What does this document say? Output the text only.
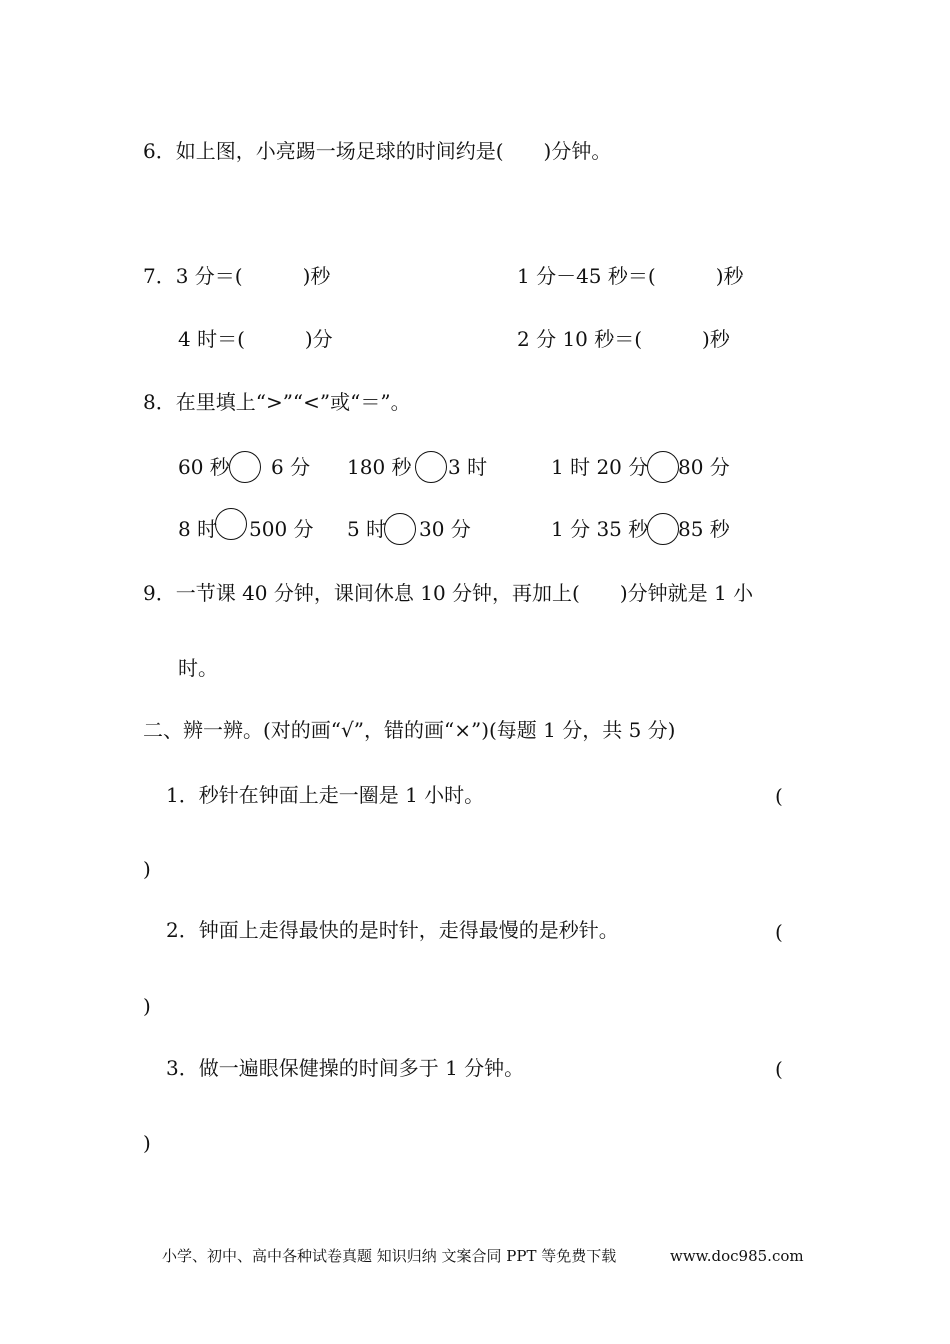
6．如上图，小亮踢一场足球的时间约是(　　)分钟。
7．3 分＝(　　　)秒	1 分－45 秒＝(　　　)秒
4 时＝(　　　)分	2 分 10 秒＝(　　　)秒
8．在里填上“>”“<”或“＝”。
60 秒 6 分 180 秒 3 时	1 时 20 分 80 分
8 时 500 分 5 时 30 分	1 分 35 秒 85 秒
9．一节课 40 分钟，课间休息 10 分钟，再加上(　　)分钟就是 1 小
时。
二、辨一辨。(对的画“√”，错的画“×”)(每题 1 分，共 5 分)
1．秒针在钟面上走一圈是 1 小时。	(
)
2．钟面上走得最快的是时针，走得最慢的是秒针。	(
)
3．做一遍眼保健操的时间多于 1 分钟。	(
)
小学、初中、高中各种试卷真题 知识归纳 文案合同 PPT 等免费下载	www.doc985.com
